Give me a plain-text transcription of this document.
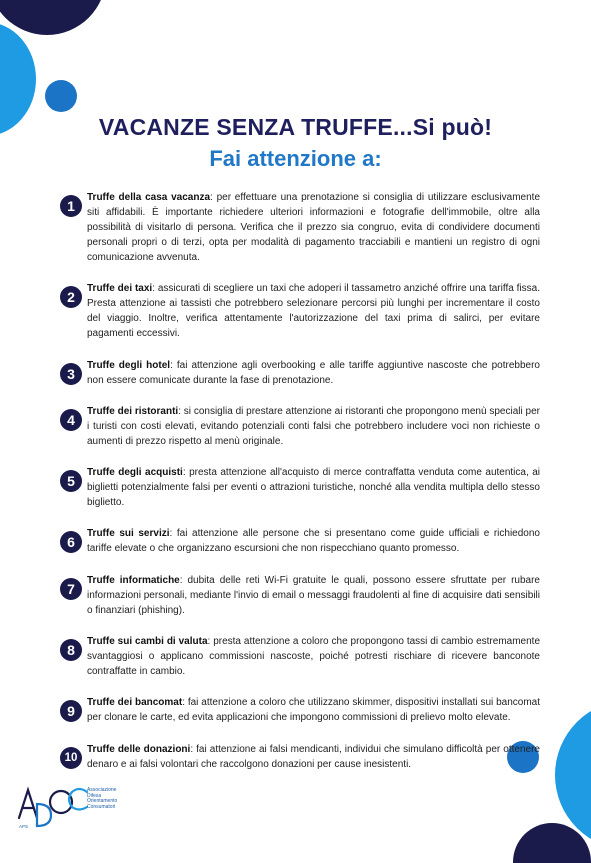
VACANZE SENZA TRUFFE...Si può!
Fai attenzione a:
1

Truffe della casa vacanza: per effettuare una prenotazione si consiglia di utilizzare esclusivamente siti affidabili. È importante richiedere ulteriori informazioni e fotografie dell'immobile, oltre alla possibilità di visitarlo di persona. Verifica che il prezzo sia congruo, evita di condividere documenti personali propri o di terzi, opta per modalità di pagamento tracciabili e mantieni un registro di ogni comunicazione avvenuta.

2

Truffe dei taxi: assicurati di scegliere un taxi che adoperi il tassametro anziché offrire una tariffa fissa. Presta attenzione ai tassisti che potrebbero selezionare percorsi più lunghi per incrementare il costo del viaggio. Inoltre, verifica attentamente l'autorizzazione del taxi prima di salirci, per evitare pagamenti eccessivi.

3

Truffe degli hotel: fai attenzione agli overbooking e alle tariffe aggiuntive nascoste che potrebbero non essere comunicate durante la fase di prenotazione.

4

Truffe dei ristoranti: si consiglia di prestare attenzione ai ristoranti che propongono menù speciali per i turisti con costi elevati, evitando potenziali conti falsi che potrebbero includere voci non richieste o aumenti di prezzo rispetto al menù originale.

5

Truffe degli acquisti: presta attenzione all'acquisto di merce contraffatta venduta come autentica, ai biglietti potenzialmente falsi per eventi o attrazioni turistiche, nonché alla vendita multipla dello stesso biglietto.

6

Truffe sui servizi: fai attenzione alle persone che si presentano come guide ufficiali e richiedono tariffe elevate o che organizzano escursioni che non rispecchiano quanto promesso.

7

Truffe informatiche: dubita delle reti Wi-Fi gratuite le quali, possono essere sfruttate per rubare informazioni personali, mediante l'invio di email o messaggi fraudolenti al fine di acquisire dati sensibili o finanziari (phishing).

8

Truffe sui cambi di valuta: presta attenzione a coloro che propongono tassi di cambio estremamente svantaggiosi o applicano commissioni nascoste, poiché potresti rischiare di ricevere banconote contraffatte in cambio.

9

Truffe dei bancomat: fai attenzione a coloro che utilizzano skimmer, dispositivi installati sui bancomat per clonare le carte, ed evita applicazioni che impongono commissioni di prelievo molto elevate.

10

Truffe delle donazioni: fai attenzione ai falsi mendicanti, individui che simulano difficoltà per ottenere denaro e ai falsi volontari che raccolgono donazioni per cause inesistenti.

Associazione
Difesa
Orientamento
Consumatori
APS
